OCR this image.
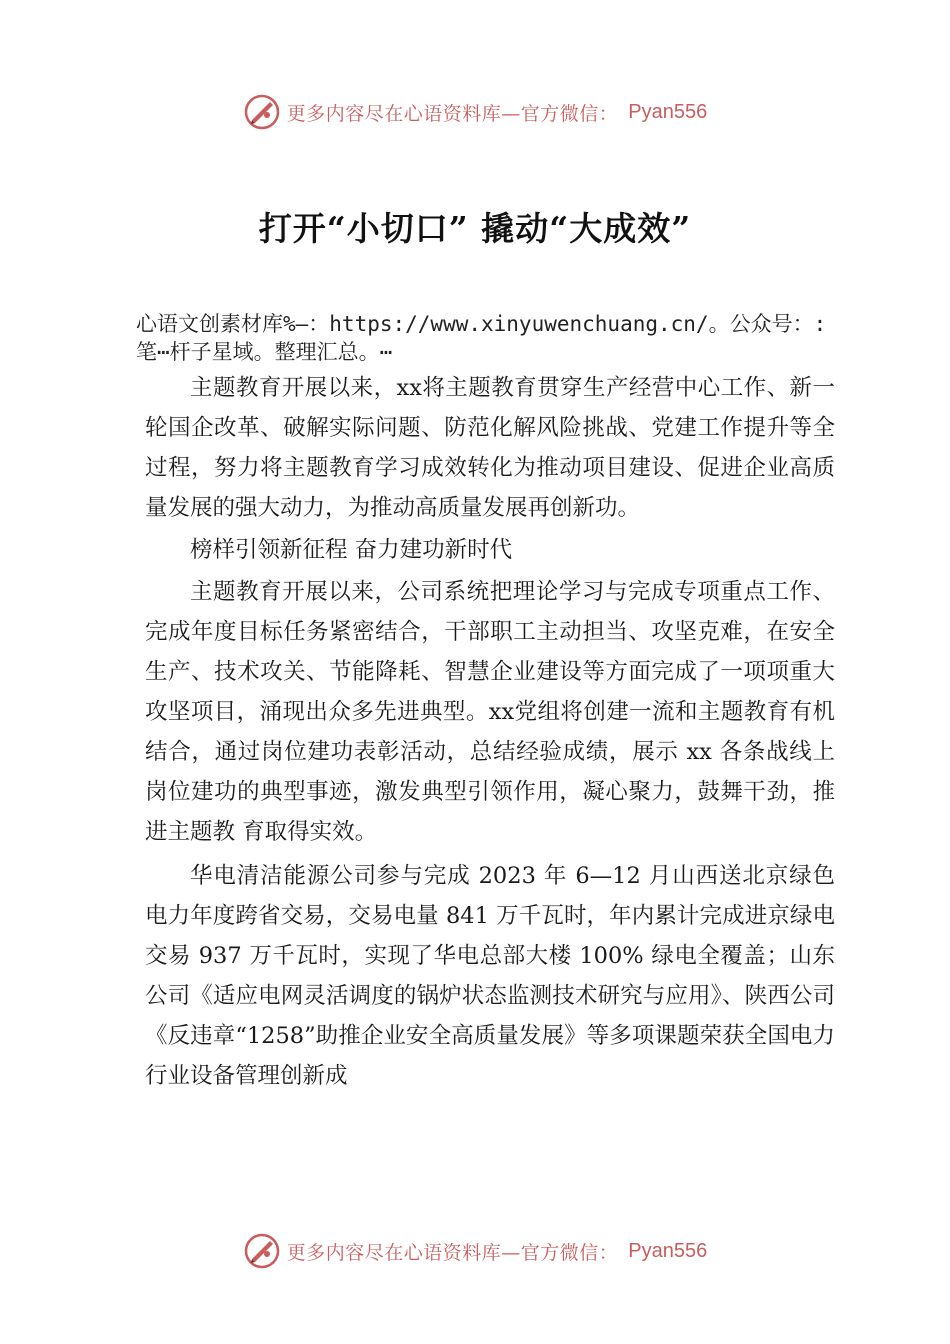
更多内容尽在心语资料库—官方微信： Pyan556
打开“小切口” 撬动“大成效”
心语文创素材库%—：https://www.xinyuwenchuang.cn/。公众号：:笔⋯杆子星域。整理汇总。⋯

主题教育开展以来，xx将主题教育贯穿生产经营中心工作、新一轮国企改革、破解实际问题、防范化解风险挑战、党建工作提升等全过程，努力将主题教育学习成效转化为推动项目建设、促进企业高质量发展的强大动力，为推动高质量发展再创新功。

榜样引领新征程 奋力建功新时代

主题教育开展以来，公司系统把理论学习与完成专项重点工作、完成年度目标任务紧密结合，干部职工主动担当、攻坚克难，在安全生产、技术攻关、节能降耗、智慧企业建设等方面完成了一项项重大攻坚项目，涌现出众多先进典型。xx党组将创建一流和主题教育有机结合，通过岗位建功表彰活动，总结经验成绩，展示 xx 各条战线上岗位建功的典型事迹，激发典型引领作用，凝心聚力，鼓舞干劲，推进主题教 育取得实效。

华电清洁能源公司参与完成 2023 年 6—12 月山西送北京绿色电力年度跨省交易，交易电量 841 万千瓦时，年内累计完成进京绿电交易 937 万千瓦时，实现了华电总部大楼 100% 绿电全覆盖；山东公司《适应电网灵活调度的锅炉状态监测技术研究与应用》、陕西公司《反违章“1258”助推企业安全高质量发展》等多项课题荣获全国电力行业设备管理创新成

更多内容尽在心语资料库—官方微信： Pyan556
